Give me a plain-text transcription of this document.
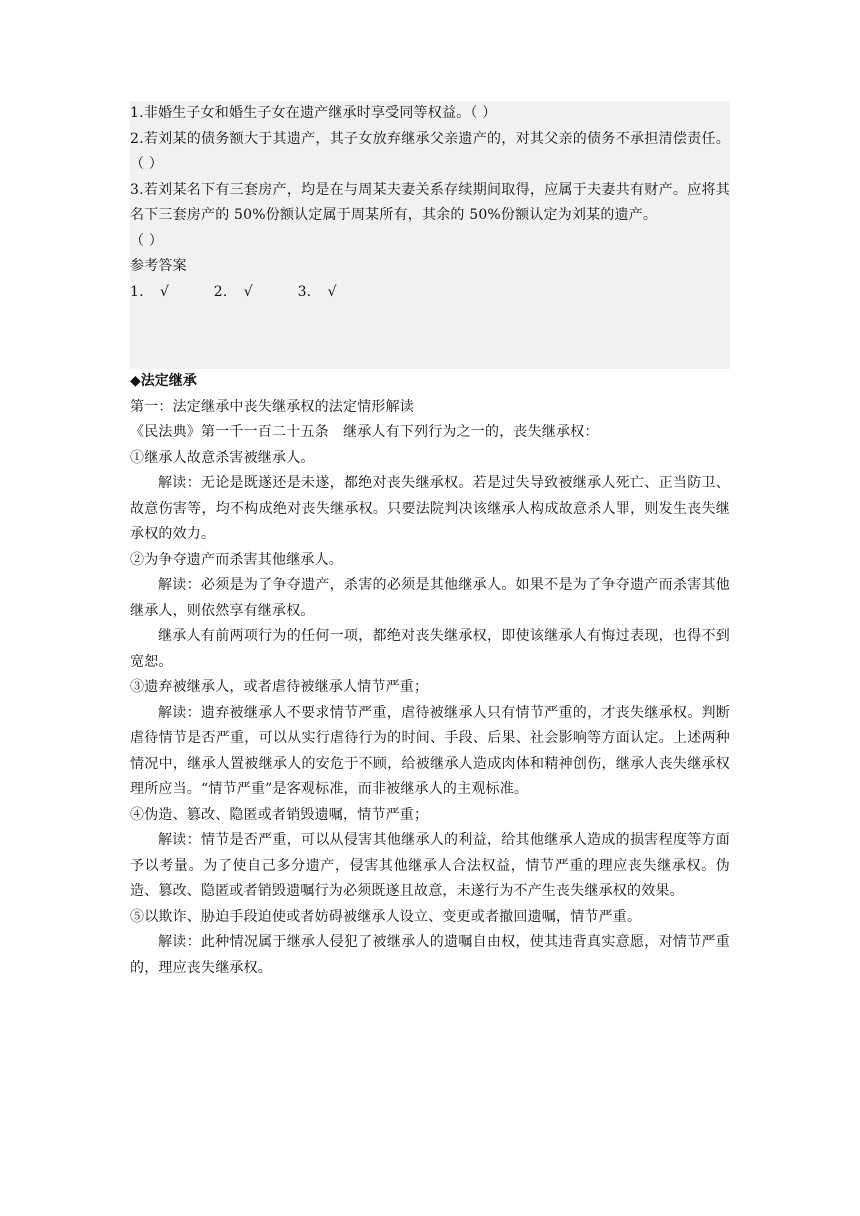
1.非婚生子女和婚生子女在遗产继承时享受同等权益。（ ）
2.若刘某的债务额大于其遗产，其子女放弃继承父亲遗产的，对其父亲的债务不承担清偿责任。（ ）
3.若刘某名下有三套房产，均是在与周某夫妻关系存续期间取得，应属于夫妻共有财产。应将其名下三套房产的 50%份额认定属于周某所有，其余的 50%份额认定为刘某的遗产。
（ ）
参考答案
1. √	2. √	3. √
◆法定继承
第一：法定继承中丧失继承权的法定情形解读
《民法典》第一千一百二十五条　继承人有下列行为之一的，丧失继承权：
①继承人故意杀害被继承人。
解读：无论是既遂还是未遂，都绝对丧失继承权。若是过失导致被继承人死亡、正当防卫、故意伤害等，均不构成绝对丧失继承权。只要法院判决该继承人构成故意杀人罪，则发生丧失继承权的效力。
②为争夺遗产而杀害其他继承人。
解读：必须是为了争夺遗产，杀害的必须是其他继承人。如果不是为了争夺遗产而杀害其他继承人，则依然享有继承权。
继承人有前两项行为的任何一项，都绝对丧失继承权，即使该继承人有悔过表现，也得不到宽恕。
③遗弃被继承人，或者虐待被继承人情节严重；
解读：遗弃被继承人不要求情节严重，虐待被继承人只有情节严重的，才丧失继承权。判断虐待情节是否严重，可以从实行虐待行为的时间、手段、后果、社会影响等方面认定。上述两种情况中，继承人置被继承人的安危于不顾，给被继承人造成肉体和精神创伤，继承人丧失继承权理所应当。“情节严重”是客观标准，而非被继承人的主观标准。
④伪造、篡改、隐匿或者销毁遗嘱，情节严重；
解读：情节是否严重，可以从侵害其他继承人的利益，给其他继承人造成的损害程度等方面予以考量。为了使自己多分遗产，侵害其他继承人合法权益，情节严重的理应丧失继承权。伪造、篡改、隐匿或者销毁遗嘱行为必须既遂且故意，未遂行为不产生丧失继承权的效果。
⑤以欺诈、胁迫手段迫使或者妨碍被继承人设立、变更或者撤回遗嘱，情节严重。
解读：此种情况属于继承人侵犯了被继承人的遗嘱自由权，使其违背真实意愿，对情节严重的，理应丧失继承权。
